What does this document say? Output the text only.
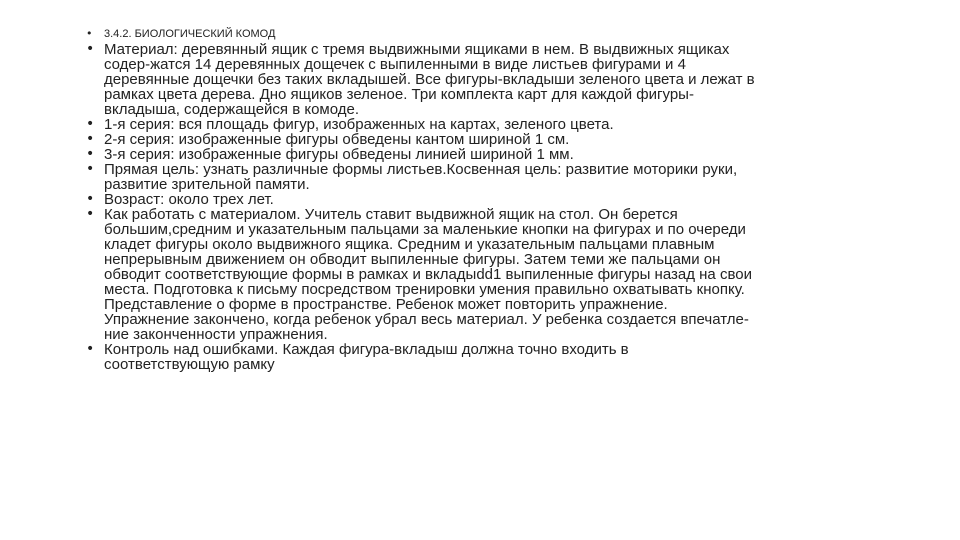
• 3.4.2. БИОЛОГИЧЕСКИЙ КОМОД
• Материал: деревянный ящик с тремя выдвижными ящиками в нем. В выдвижных ящиках
содер-жатся 14 деревянных дощечек с выпиленными в виде листьев фигурами и 4
деревянные дощечки без таких вкладышей. Все фигуры-вкладыши зеленого цвета и лежат в
рамках цвета дерева. Дно ящиков зеленое. Три комплекта карт для каждой фигуры-
вкладыша, содержащейся в комоде.
• 1-я серия: вся площадь фигур, изображенных на картах, зеленого цвета.
• 2-я серия: изображенные фигуры обведены кантом шириной 1 см.
• 3-я серия: изображенные фигуры обведены линией шириной 1 мм.
• Прямая цель: узнать различные формы листьев.Косвенная цель: развитие моторики руки,
развитие зрительной памяти.
• Возраст: около трех лет.
• Как работать с материалом. Учитель ставит выдвижной ящик на стол. Он берется
большим,средним и указательным пальцами за маленькие кнопки на фигурах и по очереди
кладет фигуры около выдвижного ящика. Средним и указательным пальцами плавным
непрерывным движением он обводит выпиленные фигуры. Затем теми же пальцами он
обводит соответствующие формы в рамках и вкладыdd1 выпиленные фигуры назад на свои
места. Подготовка к письму посредством тренировки умения правильно охватывать кнопку.
Представление о форме в пространстве. Ребенок может повторить упражнение.
Упражнение закончено, когда ребенок убрал весь материал. У ребенка создается впечатле-
ние законченности упражнения.
• Контроль над ошибками. Каждая фигура-вкладыш должна точно входить в
соответствующую рамку
